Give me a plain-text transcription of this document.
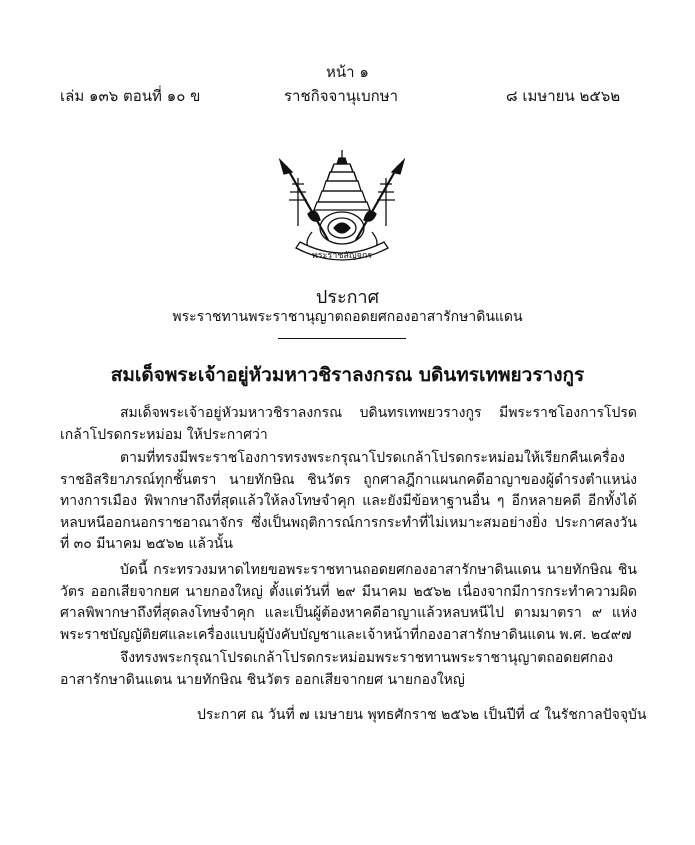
หน้า ๑
เล่ม ๑๓๖ ตอนที่ ๑๐ ข	ราชกิจจานุเบกษา	๘ เมษายน ๒๕๖๒
พระราชลัญจกร
ประกาศ
พระราชทานพระราชานุญาตถอดยศกองอาสารักษาดินแดน
สมเด็จพระเจ้าอยู่หัวมหาวชิราลงกรณ บดินทรเทพยวรางกูร

สมเด็จพระเจ้าอยู่หัวมหาวชิราลงกรณ บดินทรเทพยวรางกูร มีพระราชโองการโปรดเกล้าโปรดกระหม่อม ให้ประกาศว่า

ตามที่ทรงมีพระราชโองการทรงพระกรุณาโปรดเกล้าโปรดกระหม่อมให้เรียกคืนเครื่องราชอิสริยาภรณ์ทุกชั้นตรา นายทักษิณ ชินวัตร ถูกศาลฎีกาแผนกคดีอาญาของผู้ดำรงตำแหน่งทางการเมือง พิพากษาถึงที่สุดแล้วให้ลงโทษจำคุก และยังมีข้อหาฐานอื่น ๆ อีกหลายคดี อีกทั้งได้หลบหนีออกนอกราชอาณาจักร ซึ่งเป็นพฤติการณ์การกระทำที่ไม่เหมาะสมอย่างยิ่ง ประกาศลงวันที่ ๓๐ มีนาคม ๒๕๖๒ แล้วนั้น

บัดนี้ กระทรวงมหาดไทยขอพระราชทานถอดยศกองอาสารักษาดินแดน นายทักษิณ ชินวัตร ออกเสียจากยศ นายกองใหญ่ ตั้งแต่วันที่ ๒๙ มีนาคม ๒๕๖๒ เนื่องจากมีการกระทำความผิด ศาลพิพากษาถึงที่สุดลงโทษจำคุก และเป็นผู้ต้องหาคดีอาญาแล้วหลบหนีไป ตามมาตรา ๙ แห่งพระราชบัญญัติยศและเครื่องแบบผู้บังคับบัญชาและเจ้าหน้าที่กองอาสารักษาดินแดน พ.ศ. ๒๔๙๗

จึงทรงพระกรุณาโปรดเกล้าโปรดกระหม่อมพระราชทานพระราชานุญาตถอดยศกองอาสารักษาดินแดน นายทักษิณ ชินวัตร ออกเสียจากยศ นายกองใหญ่

ประกาศ ณ วันที่ ๗ เมษายน พุทธศักราช ๒๕๖๒ เป็นปีที่ ๔ ในรัชกาลปัจจุบัน
